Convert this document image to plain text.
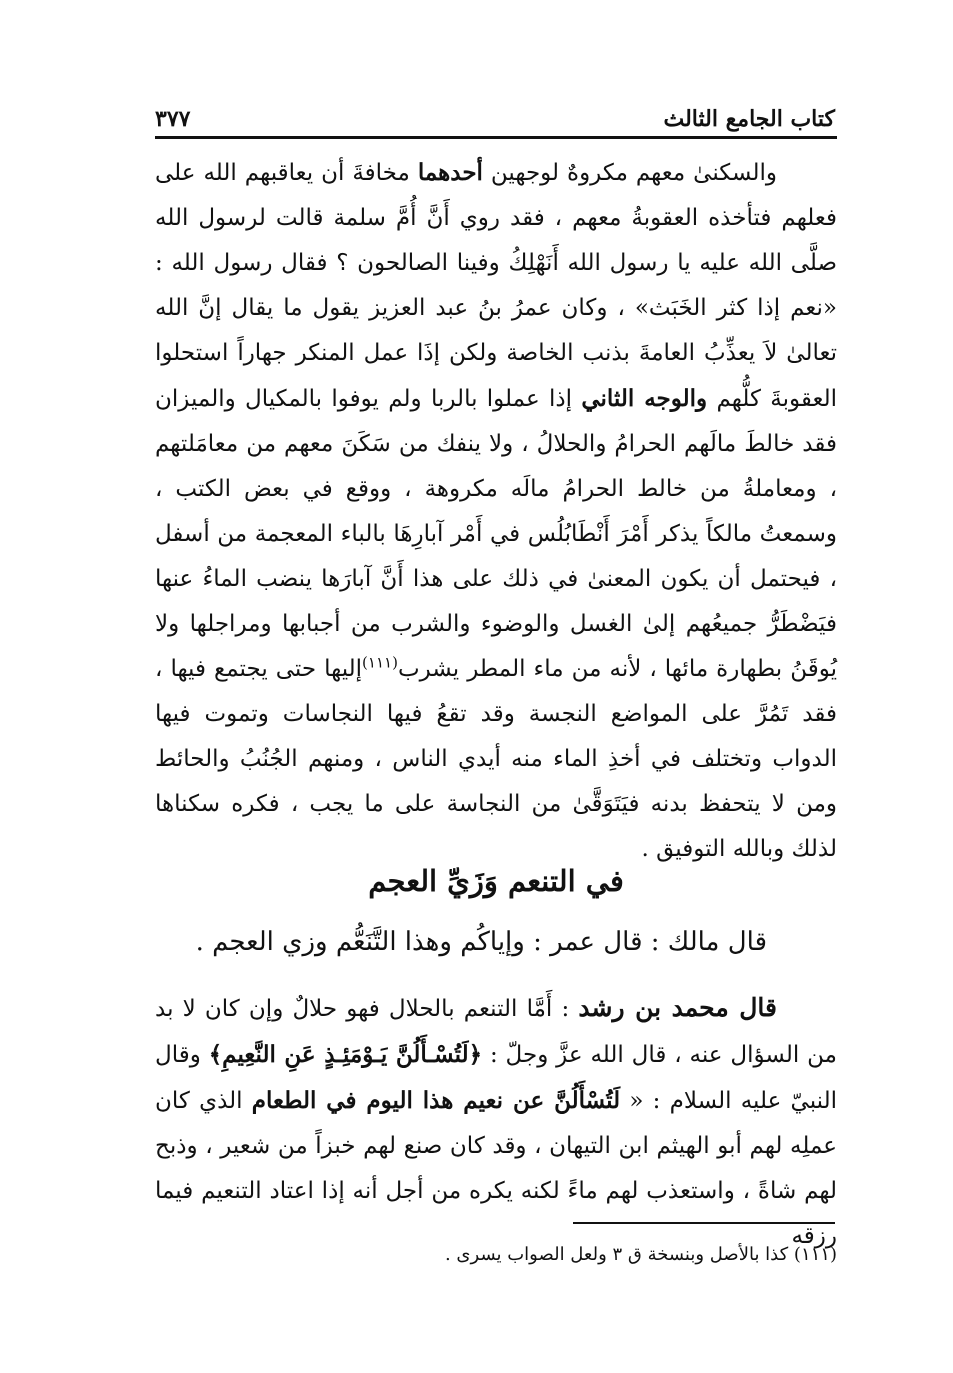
كتاب الجامع الثالث
٣٧٧

والسكنىٰ معهم مكروهٌ لوجهين أحدهما مخافةَ أن يعاقبهم الله على فعلهم فتأخذه العقوبةُ معهم ، فقد روي أَنَّ أُمَّ سلمة قالت لرسول الله صلَّى الله عليه يا رسول الله أَنَهْلِكُ وفينا الصالحون ؟ فقال رسول الله : «نعم إذا كثر الخَبَث» ، وكان عمرُ بنُ عبد العزيز يقول ما يقال إنَّ الله تعالىٰ لاَ يعذِّبُ العامةَ بذنب الخاصة ولكن إذَا عمل المنكر جهاراً استحلوا العقوبةَ كلُّهم والوجه الثاني إذا عملوا بالربا ولم يوفوا بالمكيال والميزان فقد خالطَ مالَهم الحرامُ والحلالُ ، ولا ينفك من سَكَنَ معهم من معامَلتهم ، ومعاملةُ من خالط الحرامُ مالَه مكروهة ، ووقع في بعض الكتب ، وسمعتُ مالكاً يذكر أَمْرَ أَنْطَابُلُس في أَمْر آبارِهَا بالباء المعجمة من أسفل ، فيحتمل أن يكون المعنىٰ في ذلك على هذا أَنَّ آبارَها ينضب الماءُ عنها فيَضْطَرُّ جميعُهم إلىٰ الغسل والوضوء والشرب من أجبابها ومراجلها ولا يُوقَنُ بطهارة مائها ، لأنه من ماء المطر يشرب$^{(١١١)}$إليها حتى يجتمع فيها ، فقد تَمُرَّ على المواضع النجسة وقد تقعُ فيها النجاسات وتموت فيها الدواب وتختلف في أخذِ الماء منه أيدي الناس ، ومنهم الجُنُبُ والحائط ومن لا يتحفظ بدنه فيَتَوَقَّىٰ من النجاسة على ما يجب ، فكره سكناها لذلك وبالله التوفيق .

في التنعم وَزَيِّ العجم
قال مالك : قال عمر : وإياكُم وهذا التَّنَعُّم وزي العجم .

قال محمد بن رشد : أَمَّا التنعم بالحلال فهو حلالٌ وإن كان لا بد من السؤال عنه ، قال الله عزَّ وجلّ : ﴿لَتُسْـأَلُنَّ يَـوْمَئِـذٍ عَنِ النَّعِيمِ﴾ وقال النبيّ عليه السلام : « لَتُسْأَلُنَّ عن نعيم هذا اليوم في الطعام الذي كان عملِه لهم أبو الهيثم ابن التيهان ، وقد كان صنع لهم خبزاً من شعير ، وذبح لهم شاةً ، واستعذب لهم ماءً لكنه يكره من أجل أنه إذا اعتاد التنعيم فيما رزقه

(١١١) كذا بالأصل وبنسخة ق ٣ ولعل الصواب يسرى .
